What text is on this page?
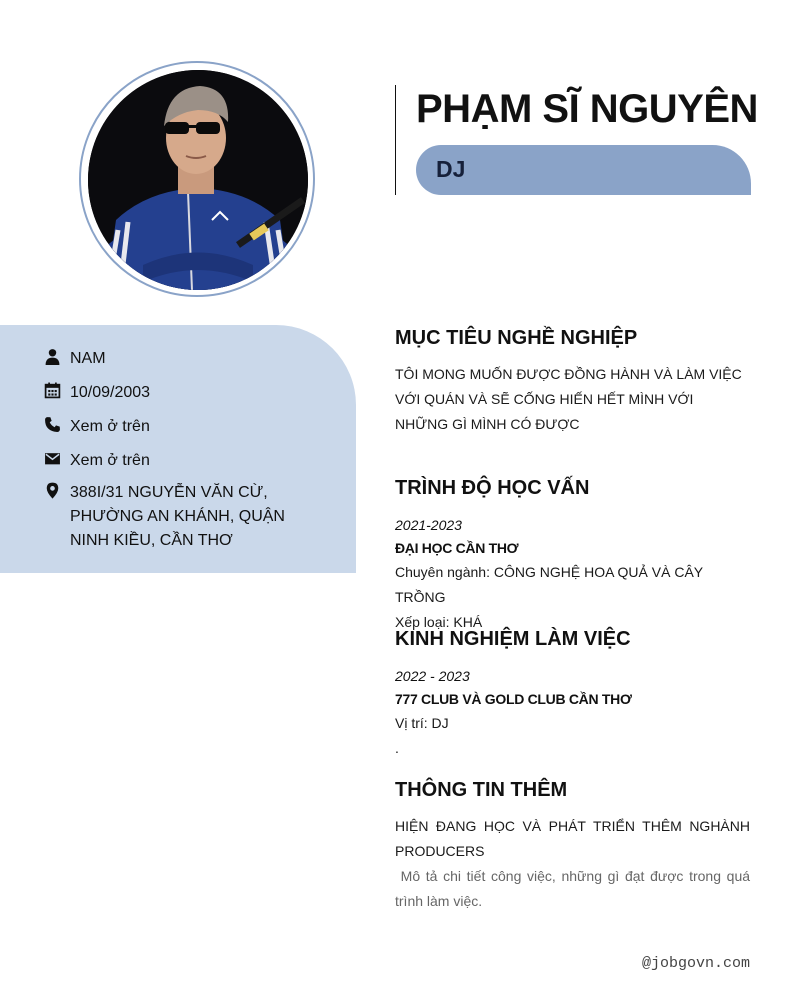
PHẠM SĨ NGUYÊN
DJ
NAM
10/09/2003
Xem ở trên
Xem ở trên
388I/31 NGUYỄN VĂN CỪ, PHƯỜNG AN KHÁNH, QUẬN NINH KIỀU, CẦN THƠ
MỤC TIÊU NGHỀ NGHIỆP
TÔI MONG MUỐN ĐƯỢC ĐỒNG HÀNH VÀ LÀM VIỆC VỚI QUÁN VÀ SẼ CỐNG HIẾN HẾT MÌNH VỚI NHỮNG GÌ MÌNH CÓ ĐƯỢC
TRÌNH ĐỘ HỌC VẤN
2021-2023
ĐẠI HỌC CẦN THƠ
Chuyên ngành: CÔNG NGHỆ HOA QUẢ VÀ CÂY TRỒNG
Xếp loại: KHÁ
KINH NGHIỆM LÀM VIỆC
2022 - 2023
777 CLUB VÀ GOLD CLUB CẦN THƠ
Vị trí: DJ
.
THÔNG TIN THÊM
HIỆN ĐANG HỌC VÀ PHÁT TRIỂN THÊM NGHÀNH PRODUCERS
Mô tả chi tiết công việc, những gì đạt được trong quá trình làm việc.
@jobgovn.com
